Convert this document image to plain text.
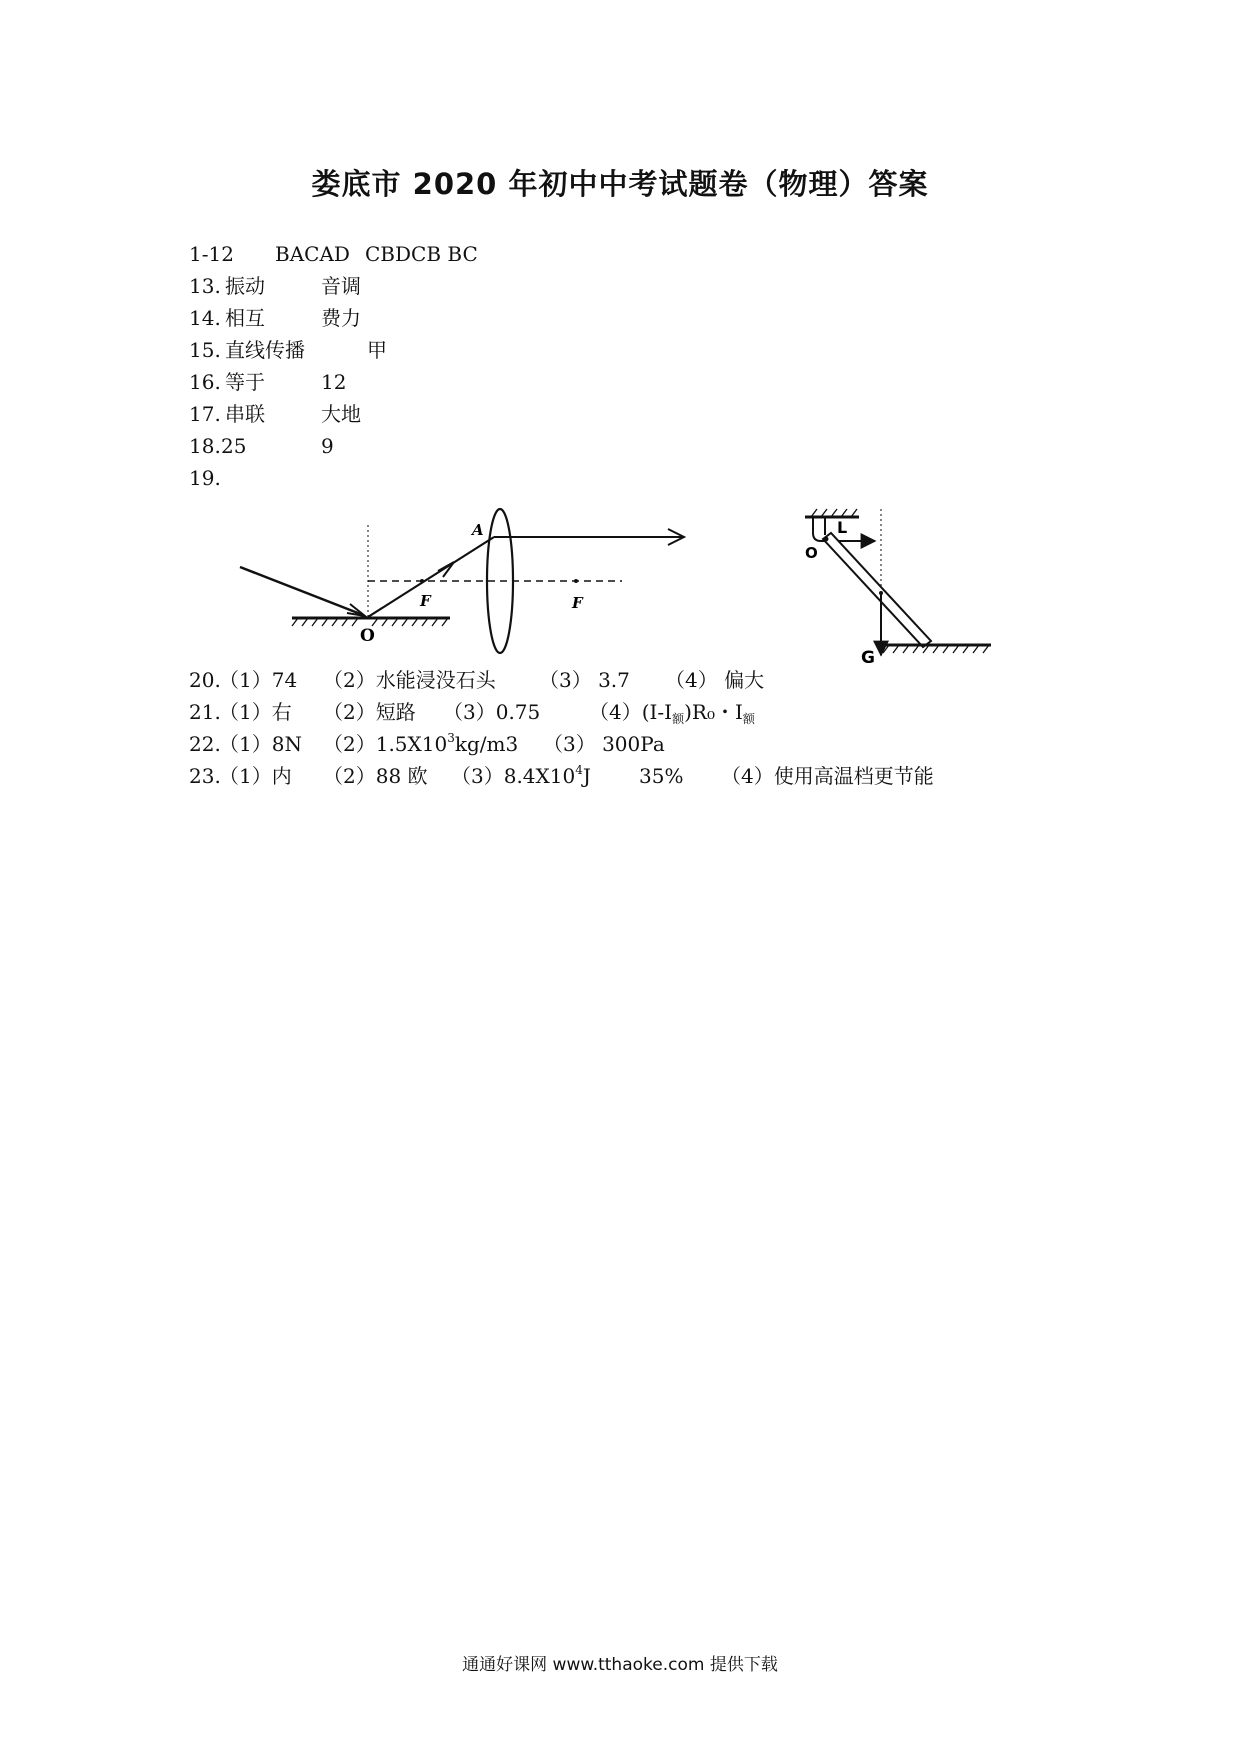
娄底市 2020 年初中中考试题卷（物理）答案
1-12 BACAD CBDCB BC
13. 振动	音调
14. 相互	费力
15. 直线传播	甲
16. 等于	12
17. 串联	大地
18. 25	9
19.
20.
（1）74 （2）水能浸没石头 （3） 3.7 （4） 偏大
21.
（1）右 （2）短路 （3）0.75 $(4)(I-I_额)R_0$・$I_额$
22.
（1）8N $(2)1.5X10^3kg/m3$ （3） 300Pa
23.
（1）内 （2）88 欧 $(3)8.4X10^4J$ 35% （4）使用高温档更节能
A
F	F
O
L
O
G
通通好课网 www.tthaoke.com 提供下载
